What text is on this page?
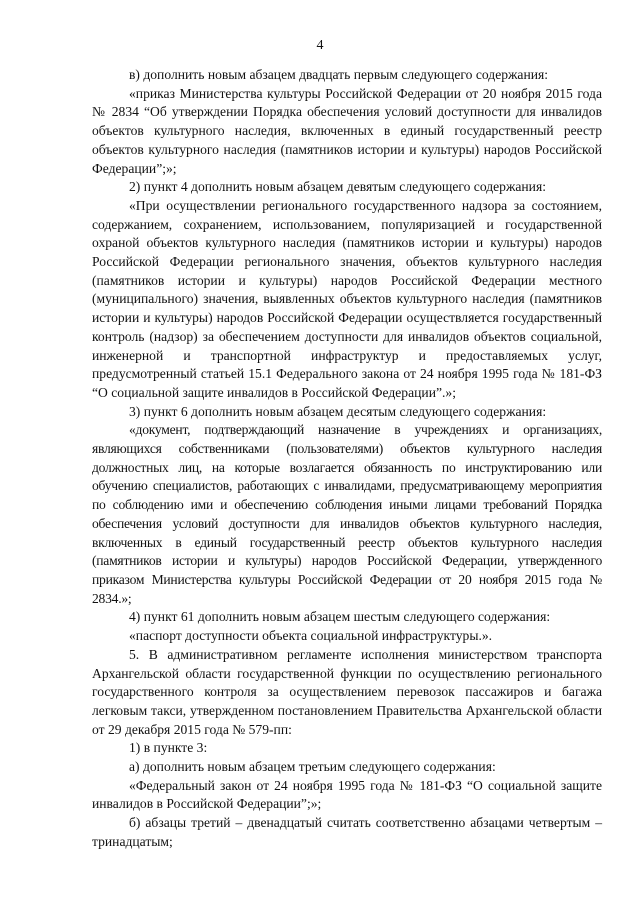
4

в) дополнить новым абзацем двадцать первым следующего содержания:

«приказ Министерства культуры Российской Федерации от 20 ноября 2015 года № 2834 “Об утверждении Порядка обеспечения условий доступности для инвалидов объектов культурного наследия, включенных в единый государственный реестр объектов культурного наследия (памятников истории и культуры) народов Российской Федерации”;»;

2) пункт 4 дополнить новым абзацем девятым следующего содержания:

«При осуществлении регионального государственного надзора за состоянием, содержанием, сохранением, использованием, популяризацией и государственной охраной объектов культурного наследия (памятников истории и культуры) народов Российской Федерации регионального значения, объектов культурного наследия (памятников истории и культуры) народов Российской Федерации местного (муниципального) значения, выявленных объектов культурного наследия (памятников истории и культуры) народов Российской Федерации осуществляется государственный контроль (надзор) за обеспечением доступности для инвалидов объектов социальной, инженерной и транспортной инфраструктур и предоставляемых услуг, предусмотренный статьей 15.1 Федерального закона от 24 ноября 1995 года № 181-ФЗ “О социальной защите инвалидов в Российской Федерации”.»;

3) пункт 6 дополнить новым абзацем десятым следующего содержания:

«документ, подтверждающий назначение в учреждениях и организациях, являющихся собственниками (пользователями) объектов культурного наследия должностных лиц, на которые возлагается обязанность по инструктированию или обучению специалистов, работающих с инвалидами, предусматривающему мероприятия по соблюдению ими и обеспечению соблюдения иными лицами требований Порядка обеспечения условий доступности для инвалидов объектов культурного наследия, включенных в единый государственный реестр объектов культурного наследия (памятников истории и культуры) народов Российской Федерации, утвержденного приказом Министерства культуры Российской Федерации от 20 ноября 2015 года № 2834.»;

4) пункт 61 дополнить новым абзацем шестым следующего содержания:

«паспорт доступности объекта социальной инфраструктуры.».

5. В административном регламенте исполнения министерством транспорта Архангельской области государственной функции по осуществлению регионального государственного контроля за осуществлением перевозок пассажиров и багажа легковым такси, утвержденном постановлением Правительства Архангельской области от 29 декабря 2015 года № 579-пп:

1) в пункте 3:

а) дополнить новым абзацем третьим следующего содержания:

«Федеральный закон от 24 ноября 1995 года № 181-ФЗ “О социальной защите инвалидов в Российской Федерации”;»;

б) абзацы третий – двенадцатый считать соответственно абзацами четвертым – тринадцатым;
